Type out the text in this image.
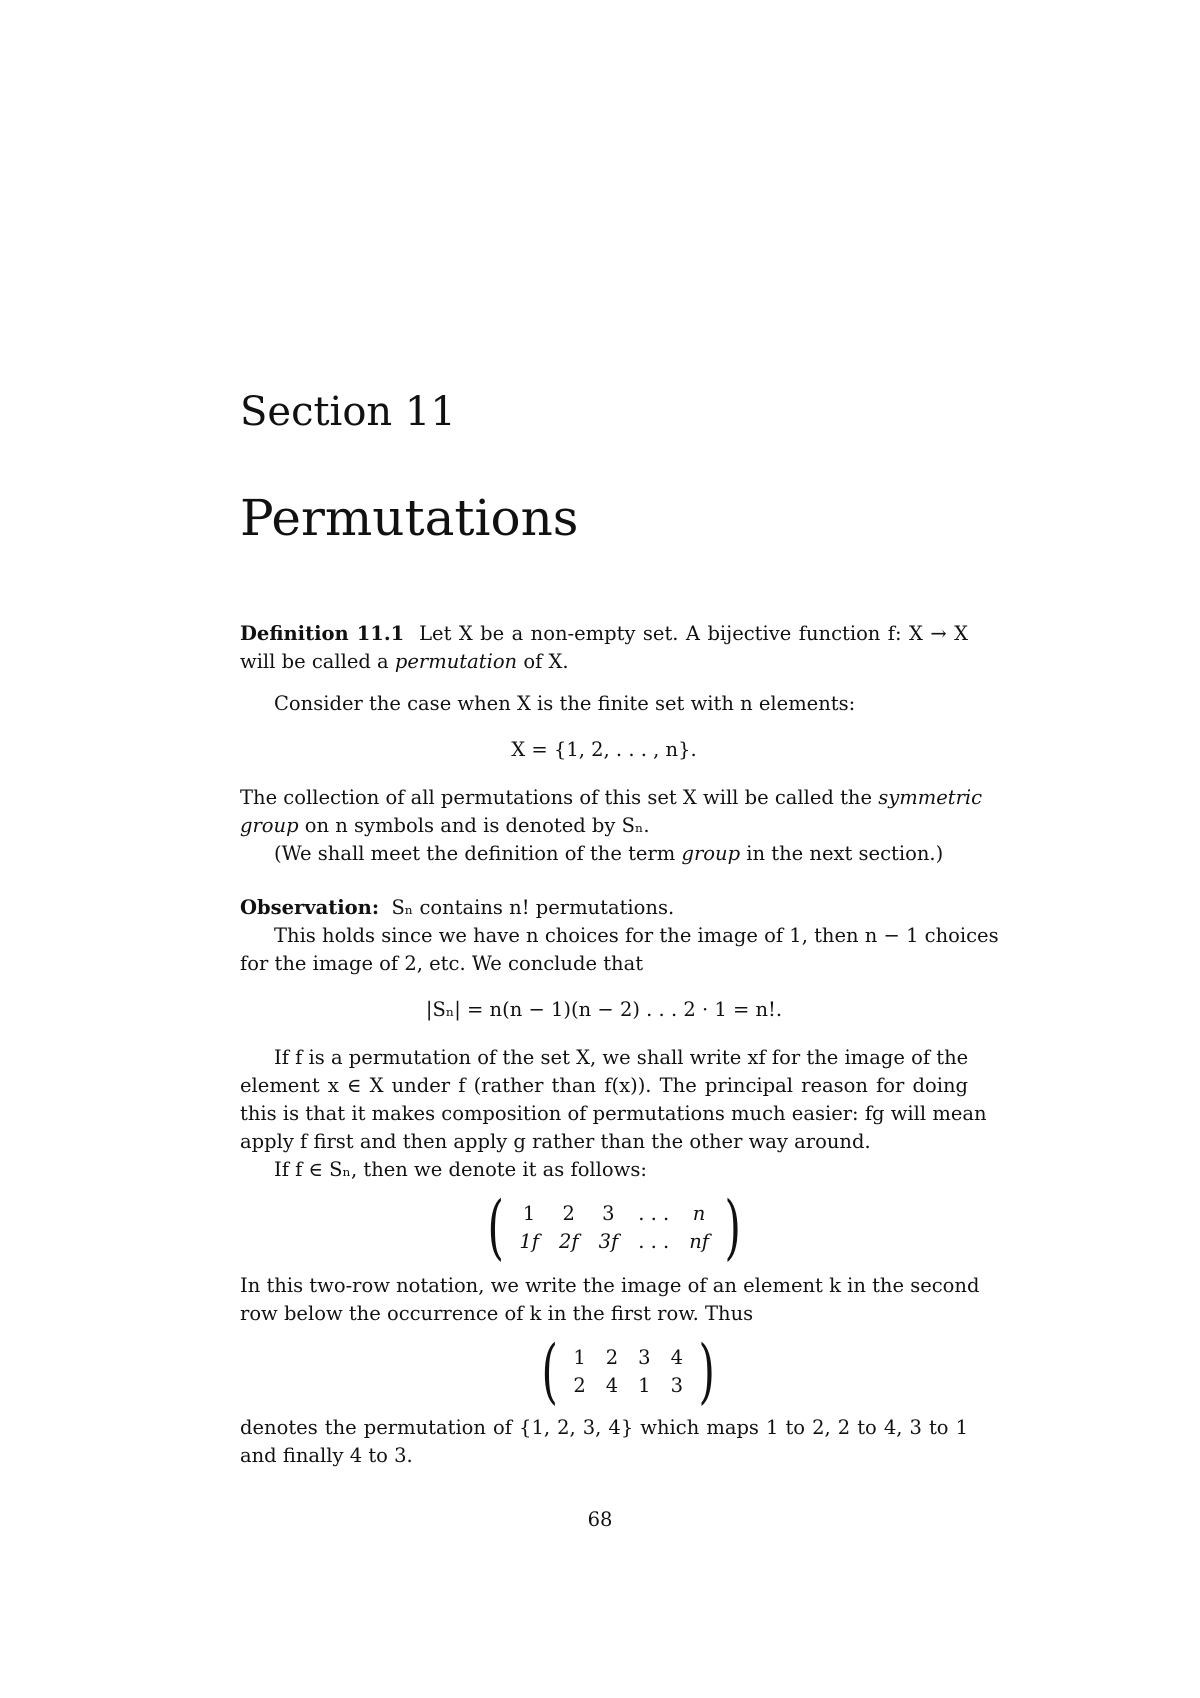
Section 11
Permutations
Definition 11.1 Let X be a non-empty set. A bijective function f: X → X
will be called a permutation of X.
Consider the case when X is the finite set with n elements:
X = {1, 2, . . . , n}.
The collection of all permutations of this set X will be called the symmetric
group on n symbols and is denoted by Sₙ.
(We shall meet the definition of the term group in the next section.)
Observation: Sₙ contains n! permutations.
This holds since we have n choices for the image of 1, then n − 1 choices
for the image of 2, etc. We conclude that
|Sₙ| = n(n − 1)(n − 2) . . . 2 · 1 = n!.
If f is a permutation of the set X, we shall write xf for the image of the
element x ∈ X under f (rather than f(x)). The principal reason for doing
this is that it makes composition of permutations much easier: fg will mean
apply f first and then apply g rather than the other way around.
If f ∈ Sₙ, then we denote it as follows:
( 1	2	3	. . .	n
1f	2f	3f	. . .	nf )
In this two-row notation, we write the image of an element k in the second
row below the occurrence of k in the first row. Thus
( 1	2	3	4
2	4	1	3 )
denotes the permutation of {1, 2, 3, 4} which maps 1 to 2, 2 to 4, 3 to 1
and finally 4 to 3.
68
